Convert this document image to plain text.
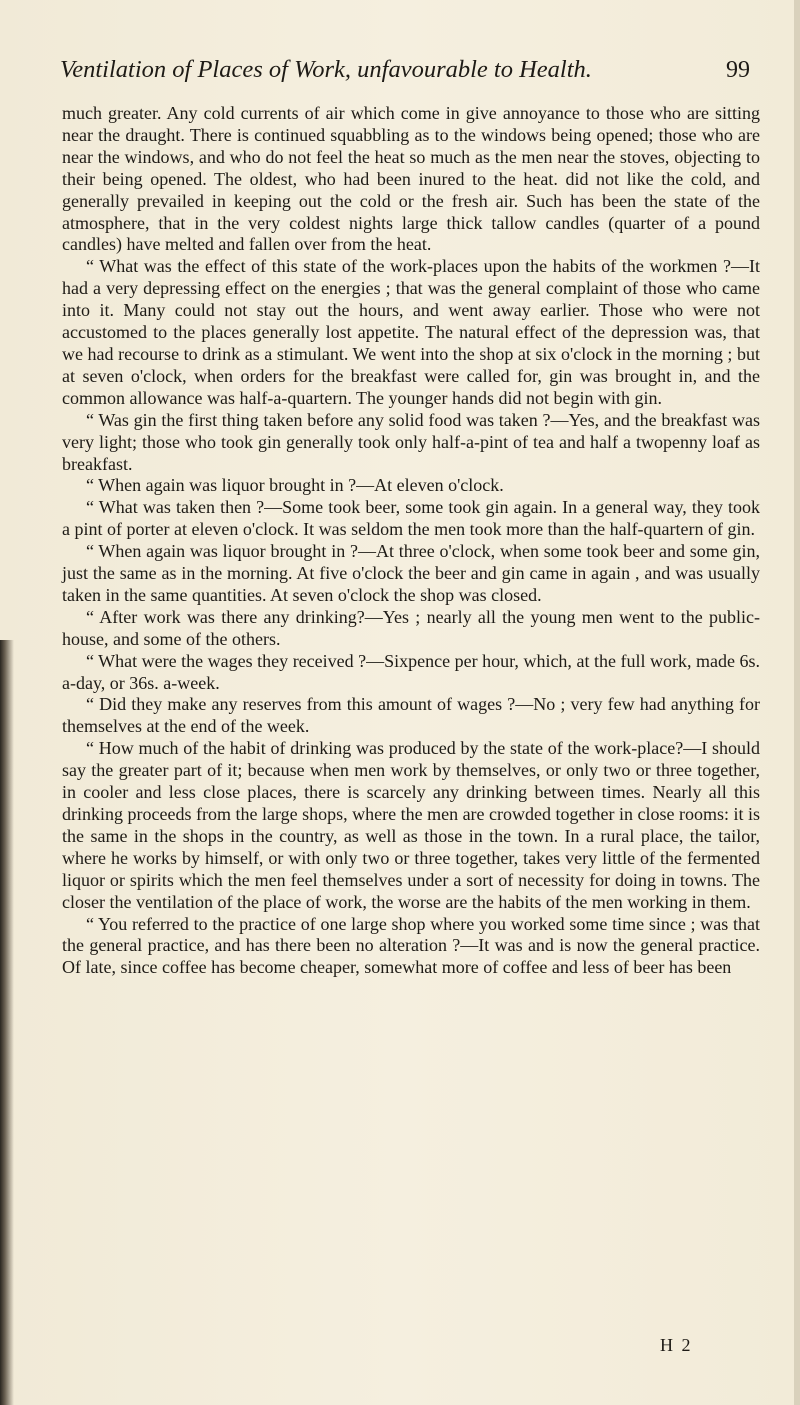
Ventilation of Places of Work, unfavourable to Health.	99

much greater. Any cold currents of air which come in give annoyance to those who are sitting near the draught. There is continued squabbling as to the windows being opened; those who are near the windows, and who do not feel the heat so much as the men near the stoves, objecting to their being opened. The oldest, who had been inured to the heat. did not like the cold, and generally prevailed in keeping out the cold or the fresh air. Such has been the state of the atmosphere, that in the very coldest nights large thick tallow candles (quarter of a pound candles) have melted and fallen over from the heat.

“ What was the effect of this state of the work-places upon the habits of the workmen ?—It had a very depressing effect on the energies ; that was the general complaint of those who came into it. Many could not stay out the hours, and went away earlier. Those who were not accustomed to the places generally lost appetite. The natural effect of the depression was, that we had recourse to drink as a stimulant. We went into the shop at six o'clock in the morning ; but at seven o'clock, when orders for the breakfast were called for, gin was brought in, and the common allowance was half-a-quartern. The younger hands did not begin with gin.

“ Was gin the first thing taken before any solid food was taken ?—Yes, and the breakfast was very light; those who took gin generally took only half-a-pint of tea and half a twopenny loaf as breakfast.

“ When again was liquor brought in ?—At eleven o'clock.

“ What was taken then ?—Some took beer, some took gin again. In a general way, they took a pint of porter at eleven o'clock. It was seldom the men took more than the half-quartern of gin.

“ When again was liquor brought in ?—At three o'clock, when some took beer and some gin, just the same as in the morning. At five o'clock the beer and gin came in again , and was usually taken in the same quantities. At seven o'clock the shop was closed.

“ After work was there any drinking?—Yes ; nearly all the young men went to the public-house, and some of the others.

“ What were the wages they received ?—Sixpence per hour, which, at the full work, made 6s. a-day, or 36s. a-week.

“ Did they make any reserves from this amount of wages ?—No ; very few had anything for themselves at the end of the week.

“ How much of the habit of drinking was produced by the state of the work-place?—I should say the greater part of it; because when men work by themselves, or only two or three together, in cooler and less close places, there is scarcely any drinking between times. Nearly all this drinking proceeds from the large shops, where the men are crowded together in close rooms: it is the same in the shops in the country, as well as those in the town. In a rural place, the tailor, where he works by himself, or with only two or three together, takes very little of the fermented liquor or spirits which the men feel themselves under a sort of necessity for doing in towns. The closer the ventilation of the place of work, the worse are the habits of the men working in them.

“ You referred to the practice of one large shop where you worked some time since ; was that the general practice, and has there been no alteration ?—It was and is now the general practice. Of late, since coffee has become cheaper, somewhat more of coffee and less of beer has been

H 2
